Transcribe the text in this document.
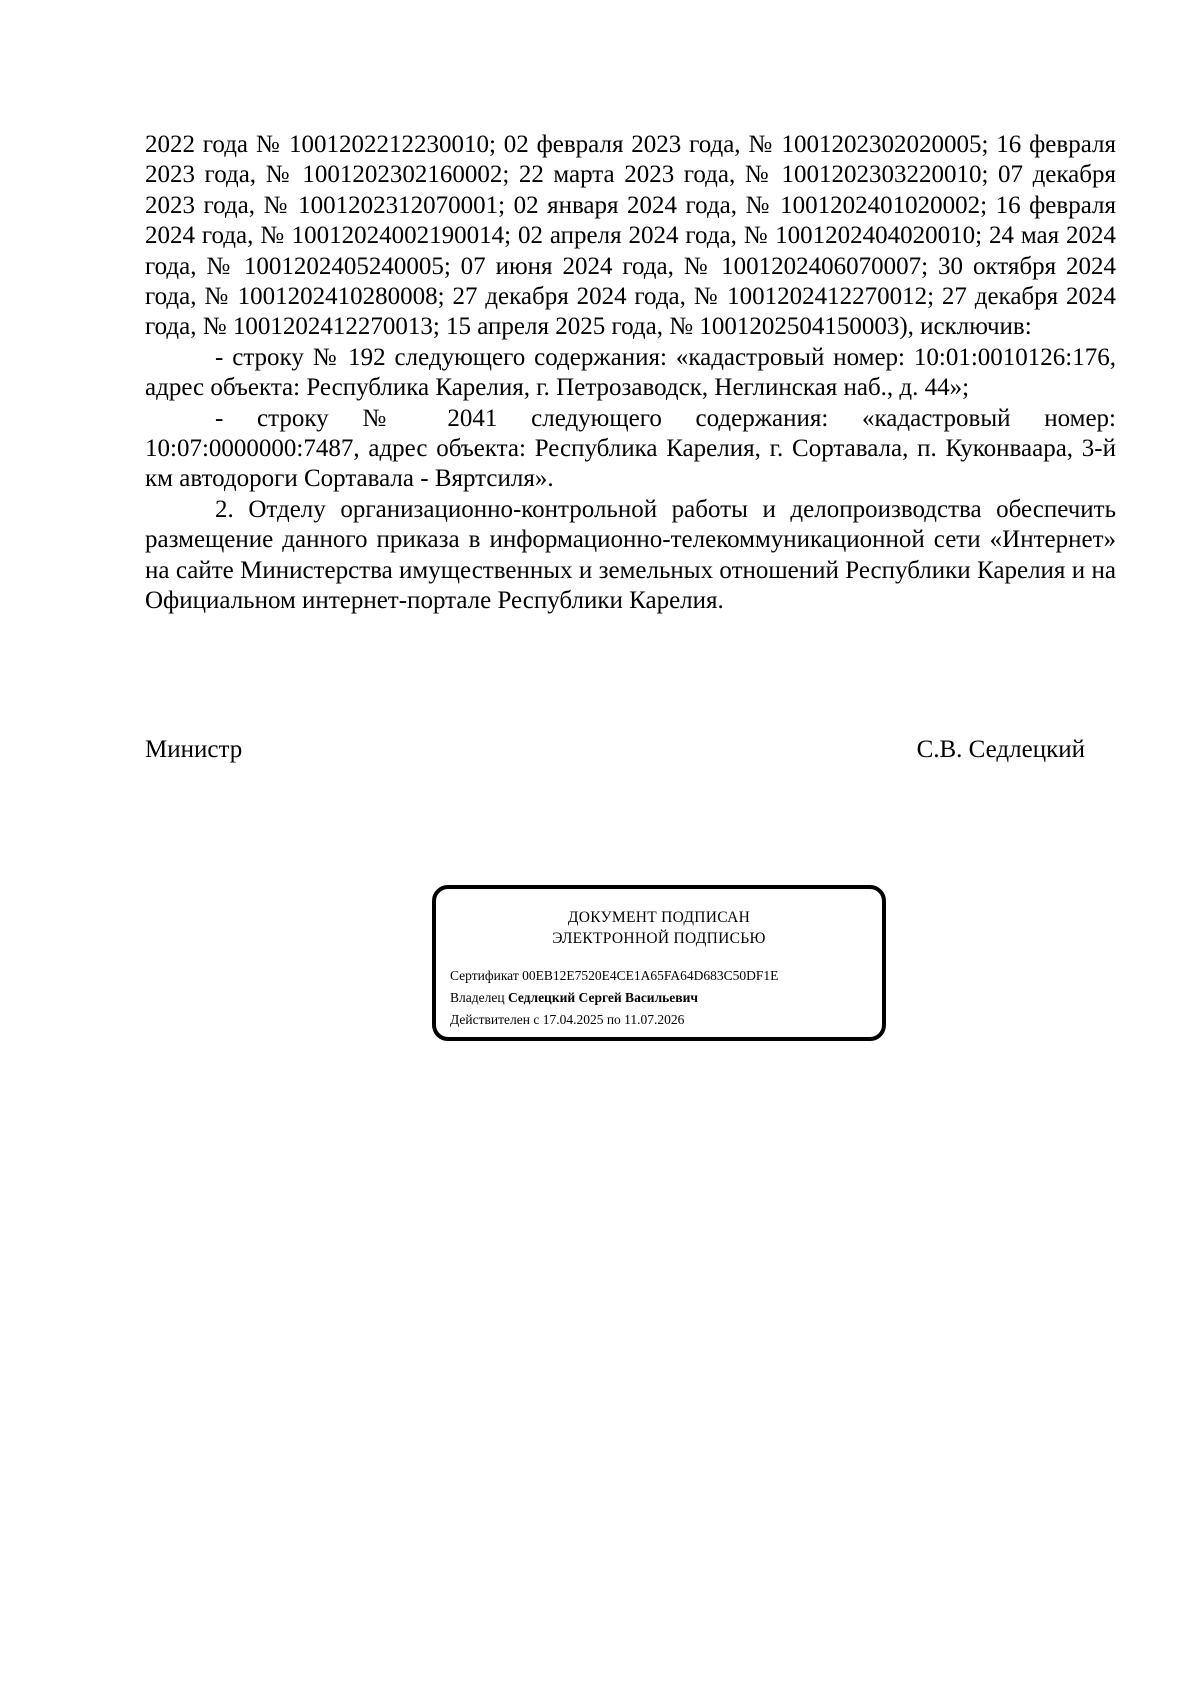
2022 года № 1001202212230010; 02 февраля 2023 года, № 1001202302020005; 16 февраля 2023 года, № 1001202302160002; 22 марта 2023 года, № 1001202303220010; 07 декабря 2023 года, № 1001202312070001; 02 января 2024 года, № 1001202401020002; 16 февраля 2024 года, № 10012024002190014; 02 апреля 2024 года, № 1001202404020010; 24 мая 2024 года, № 1001202405240005; 07 июня 2024 года, № 1001202406070007; 30 октября 2024 года, № 1001202410280008; 27 декабря 2024 года, № 1001202412270012; 27 декабря 2024 года, № 1001202412270013; 15 апреля 2025 года, № 1001202504150003), исключив:

- строку № 192 следующего содержания: «кадастровый номер: 10:01:0010126:176, адрес объекта: Республика Карелия, г. Петрозаводск, Неглинская наб., д. 44»;

- строку № 2041 следующего содержания: «кадастровый номер: 10:07:0000000:7487, адрес объекта: Республика Карелия, г. Сортавала, п. Куконваара, 3-й км автодороги Сортавала - Вяртсиля».

2. Отделу организационно-контрольной работы и делопроизводства обеспечить размещение данного приказа в информационно-телекоммуникационной сети «Интернет» на сайте Министерства имущественных и земельных отношений Республики Карелия и на Официальном интернет-портале Республики Карелия.

Министр	С.В. Седлецкий
ДОКУМЕНТ ПОДПИСАН
ЭЛЕКТРОННОЙ ПОДПИСЬЮ
Сертификат 00EB12E7520E4CE1A65FA64D683C50DF1E
Владелец Седлецкий Сергей Васильевич
Действителен с 17.04.2025 по 11.07.2026
